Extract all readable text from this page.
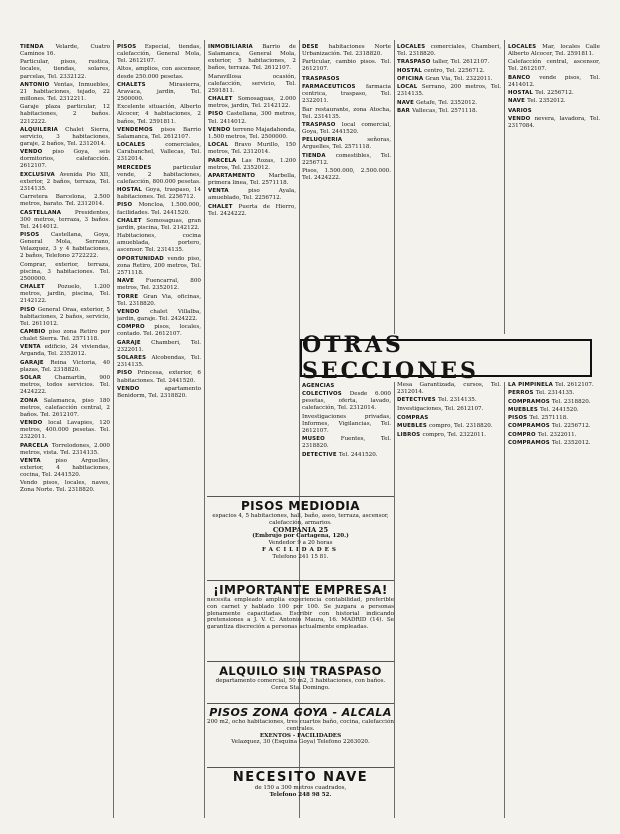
TIENDA Velarde, Cuatro Caminos 16.

Particular, pisos, rustica, locales, tiendas, solares, parcelas, Tel. 2332122.

ANTONIO Ventas, Inmuebles, 21 habitaciones, tejado, 22 millones. Tel. 2312211.

Garaje plaza particular, 12 habitaciones, 2 baños. 2212222.

ALQUILERIA Chalet Sierra, servicio, 3 habitaciones, garaje, 2 baños, Tel. 2312014.

VENDO piso Goya, seis dormitorios, calefacción. 2612107.

EXCLUSIVA Avenida Pio XII, exterior, 2 baños, terraza, Tel. 2314135.

Carretera Barcelona, 2.500 metros, barato. Tel. 2312014.

CASTELLANA Presidentes, 300 metros, terraza, 3 baños. Tel. 2414012.

PISOS Castellana, Goya, General Mola, Serrano, Velazquez, 3 y 4 habitaciones, 2 baños, Telefono 2722222.

Comprar, exterior, terraza, piscina, 3 habitaciones. Tel. 2500000.

CHALET Pozuelo, 1.200 metros, jardin, piscina, Tel. 2142122.

PISO General Oraa, exterior, 5 habitaciones, 2 baños, servicio, Tel. 2611012.

CAMBIO piso zona Retiro por chalet Sierra. Tel. 2571118.

VENTA edificio, 24 viviendas, Arganda, Tel. 2352012.

GARAJE Reina Victoria, 40 plazas, Tel. 2318820.

SOLAR Chamartin, 900 metros, todos servicios. Tel. 2424222.

ZONA Salamanca, piso 180 metros, calefacción central, 2 baños. Tel. 2612107.

VENDO local Lavapies, 120 metros, 400.000 pesetas. Tel. 2322011.

PARCELA Torrelodones, 2.000 metros, vista. Tel. 2314135.

VENTA piso Arguelles, exterior, 4 habitaciones, cocina, Tel. 2441520.

Vendo pisos, locales, naves, Zona Norte. Tel. 2318820.

PISOS Especial, tiendas, calefacción, General Mola, Tel. 2612107.

Altos, amplios, con ascensor, desde 250.000 pesetas.

CHALETS Mirasierra, Aravaca, jardin, Tel. 2500000.

Excelente situación, Alberto Alcocer, 4 habitaciones, 2 baños, Tel. 2591811.

VENDEMOS pisos Barrio Salamanca, Tel. 2612107.

LOCALES comerciales, Carabanchel, Vallecas, Tel. 2312014.

MERCEDES particular vende, 2 habitaciones, calefacción, 800.000 pesetas.

HOSTAL Goya, traspaso, 14 habitaciones. Tel. 2256712.

PISO Moncloa, 1.500.000, facilidades. Tel. 2441520.

CHALET Somosaguas, gran jardin, piscina, Tel. 2142122.

Habitaciones, cocina amueblada, portero, ascensor. Tel. 2314135.

OPORTUNIDAD vendo piso, zona Retiro, 200 metros, Tel. 2571118.

NAVE Fuencarral, 800 metros, Tel. 2352012.

TORRE Gran Via, oficinas, Tel. 2318820.

VENDO chalet Villalba, jardin, garaje. Tel. 2424222.

COMPRO pisos, locales, contado. Tel. 2612107.

GARAJE Chamberi, Tel. 2322011.

SOLARES Alcobendas, Tel. 2314135.

PISO Princesa, exterior, 6 habitaciones. Tel. 2441520.

VENDO apartamento Benidorm, Tel. 2318820.

INMOBILIARIA Barrio de Salamanca, General Mola, exterior, 5 habitaciones, 2 baños, terraza. Tel. 2612107.

Maravillosa ocasión, calefacción, servicio, Tel. 2591811.

CHALET Somosaguas, 2.000 metros, jardin, Tel. 2142122.

PISO Castellana, 300 metros, Tel. 2414012.

VENDO terreno Majadahonda, 1.500 metros, Tel. 2500000.

LOCAL Bravo Murillo, 150 metros, Tel. 2312014.

PARCELA Las Rozas, 1.200 metros, Tel. 2352012.

APARTAMENTO Marbella, primera linea, Tel. 2571118.

VENTA piso Ayala, amueblado, Tel. 2256712.

CHALET Puerta de Hierro, Tel. 2424222.

DESE habitaciones Norte Urbanización. Tel. 2318820.

Particular, cambio pisos. Tel. 2612107.

TRASPASOS

FARMACEUTICOS farmacia centrica, traspaso, Tel. 2322011.

Bar restaurante, zona Atocha, Tel. 2314135.

TRASPASO local comercial, Goya, Tel. 2441520.

PELUQUERIA señoras, Arguelles, Tel. 2571118.

TIENDA comestibles, Tel. 2256712.

Pisos, 1.500.000, 2.500.000. Tel. 2424222.

LOCALES comerciales, Chamberi, Tel. 2318820.

TRASPASO taller, Tel. 2612107.

HOSTAL centro, Tel. 2256712.

OFICINA Gran Via, Tel. 2322011.

LOCAL Serrano, 200 metros, Tel. 2314135.

NAVE Getafe, Tel. 2352012.

BAR Vallecas, Tel. 2571118.

LOCALES Mar, locales Calle Alberto Alcocer, Tel. 2591811.

Calefacción central, ascensor, Tel. 2612107.

BANCO vende pisos, Tel. 2414012.

HOSTAL Tel. 2256712.

NAVE Tel. 2352012.

VARIOS

VENDO nevera, lavadora, Tel. 2317084.

OTRAS SECCIONES

AGENCIAS

COLECTIVOS Desde 6.000 pesetas, oferta, lavado, calefacción, Tel. 2312014.

Investigaciones privadas, Informes, Vigilancias, Tel. 2612107.

MUSEO Fuentes, Tel. 2318820.

DETECTIVE Tel. 2441520.

Mesa Garantizada, cursos, Tel. 2312014.

DETECTIVES Tel. 2314135.

Investigaciones, Tel. 2612107.

COMPRAS

MUEBLES compro, Tel. 2318820.

LIBROS compro, Tel. 2322011.

LA PIMPINELA Tel. 2612107.

PERROS Tel. 2314135.

COMPRAMOS Tel. 2318820.

MUEBLES Tel. 2441520.

PISOS Tel. 2571118.

COMPRAMOS Tel. 2256712.

COMPRO Tel. 2322011.

COMPRAMOS Tel. 2352012.

PISOS MEDIODIA
espacios 4, 5 habitaciones, hall, baño, aseo, terraza, ascensor, calefacción, armarios.
COMPANIA 25
(Embrujo por Cartagena, 120.)
Vendedor 9 a 20 horas
FACILIDADES
Telefono 241 15 81.
¡IMPORTANTE EMPRESA!
necesita empleado amplia experiencia contabilidad, preferible con carnet y hablado 100 por 100. Se juzgara a personas plenamente capacitadas. Escribir con historial indicando pretensiones a J. V. C. Antonio Maura, 16. MADRID (14). Se garantiza discreción a personas actualmente empleadas.
ALQUILO SIN TRASPASO
departamento comercial, 50 m2, 3 habitaciones, con baños. Cerca Sta. Domingo.
PISOS ZONA GOYA - ALCALA
200 m2, ocho habitaciones, tres cuartos baño, cocina, calefacción centrales.
EXENTOS - FACILIDADES
Velazquez, 30 (Esquina Goya) Telefono 2263020.
NECESITO NAVE
de 150 a 300 metros cuadrados,
Telefono 248 98 52.
